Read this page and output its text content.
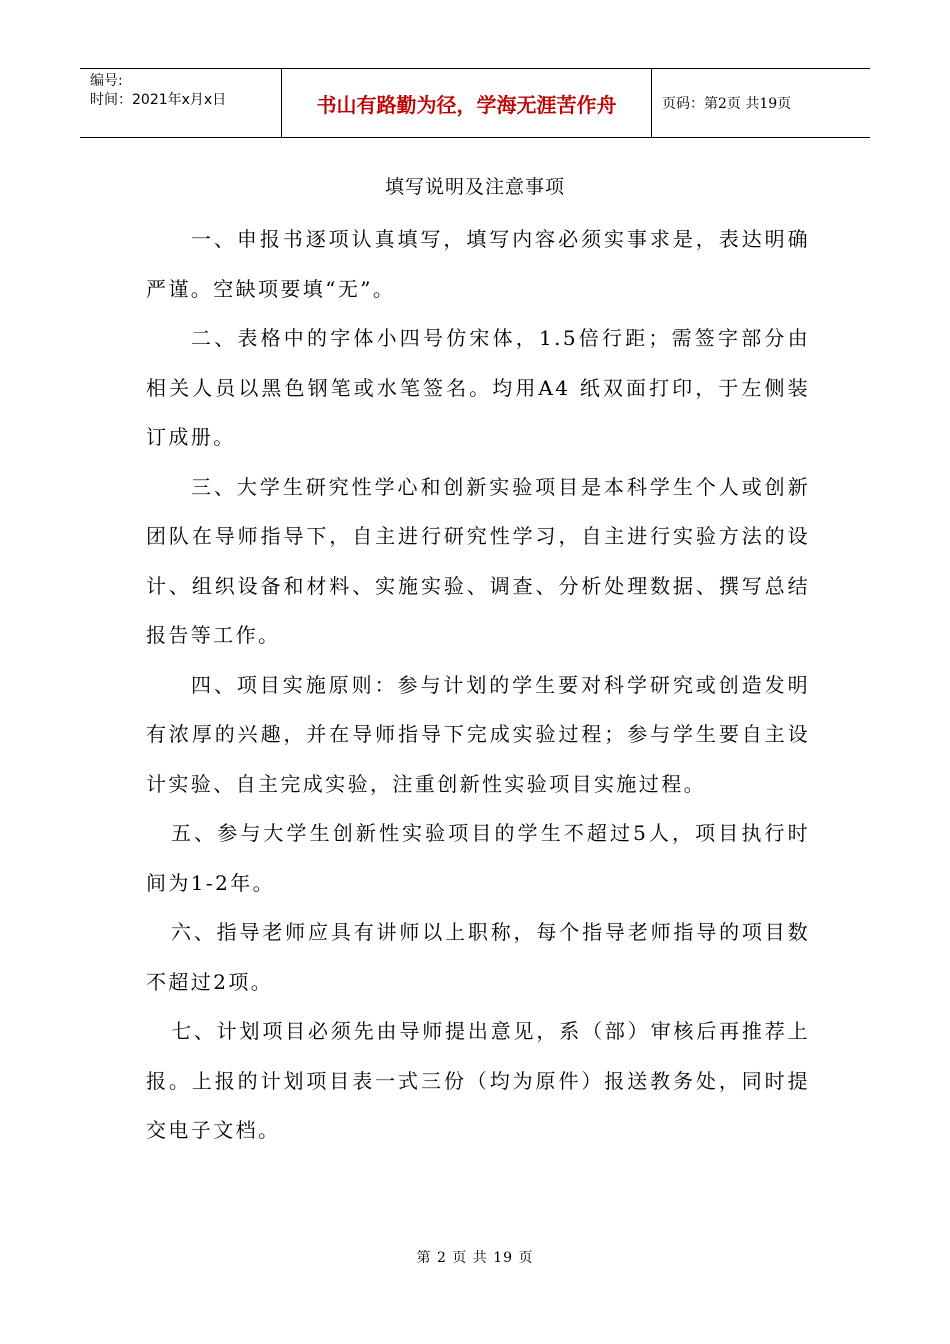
编号:
时间：2021年x月x日	书山有路勤为径，学海无涯苦作舟	页码：第2页 共19页
填写说明及注意事项

一、申报书逐项认真填写，填写内容必须实事求是，表达明确严谨。空缺项要填“无”。

二、表格中的字体小四号仿宋体，1.5倍行距；需签字部分由相关人员以黑色钢笔或水笔签名。均用A4 纸双面打印，于左侧装订成册。

三、大学生研究性学心和创新实验项目是本科学生个人或创新团队在导师指导下，自主进行研究性学习，自主进行实验方法的设计、组织设备和材料、实施实验、调查、分析处理数据、撰写总结报告等工作。

四、项目实施原则：参与计划的学生要对科学研究或创造发明有浓厚的兴趣，并在导师指导下完成实验过程；参与学生要自主设计实验、自主完成实验，注重创新性实验项目实施过程。

五、参与大学生创新性实验项目的学生不超过5人，项目执行时间为1-2年。

六、指导老师应具有讲师以上职称，每个指导老师指导的项目数不超过2项。

七、计划项目必须先由导师提出意见，系（部）审核后再推荐上报。上报的计划项目表一式三份（均为原件）报送教务处，同时提交电子文档。

第 2 页 共 19 页
